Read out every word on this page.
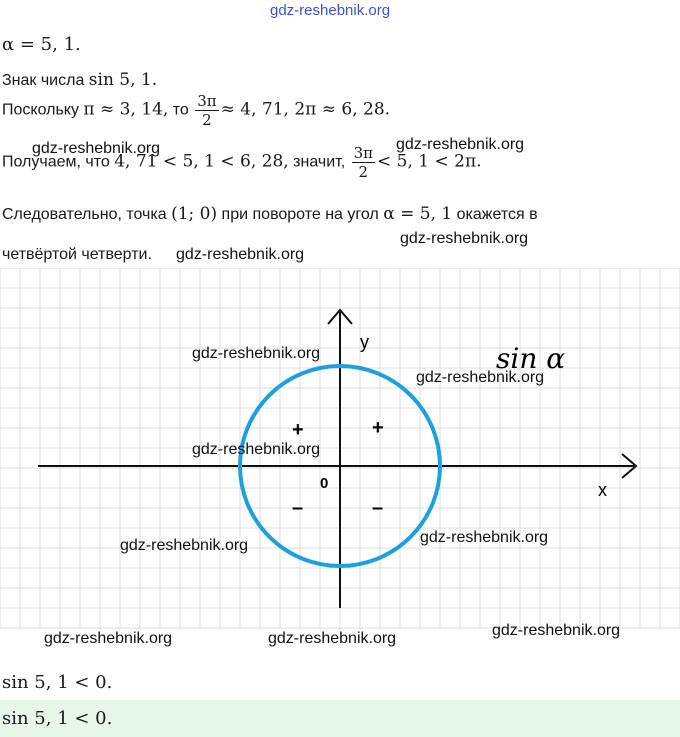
gdz-reshebnik.org
α = 5, 1.
Знак числа sin 5, 1.
Поскольку π ≈ 3, 14, то $\frac{3\pi}{2} \approx 4$, 71, 2π ≈ 6, 28.
gdz-reshebnik.org	gdz-reshebnik.org
Получаем, что 4, 71 < 5, 1 < 6, 28, значит, $\frac{3\pi}{2} < 5$, 1 < 2π.
Следовательно, точка (1; 0) при повороте на угол α = 5, 1 окажется в
gdz-reshebnik.org
четвёртой четверти. gdz-reshebnik.org
y
x
0
sin α
+
+
–	–
gdz-reshebnik.org
gdz-reshebnik.org
gdz-reshebnik.org
gdz-reshebnik.org	gdz-reshebnik.org
gdz-reshebnik.org	gdz-reshebnik.org	gdz-reshebnik.org
sin 5, 1 < 0.
sin 5, 1 < 0.
